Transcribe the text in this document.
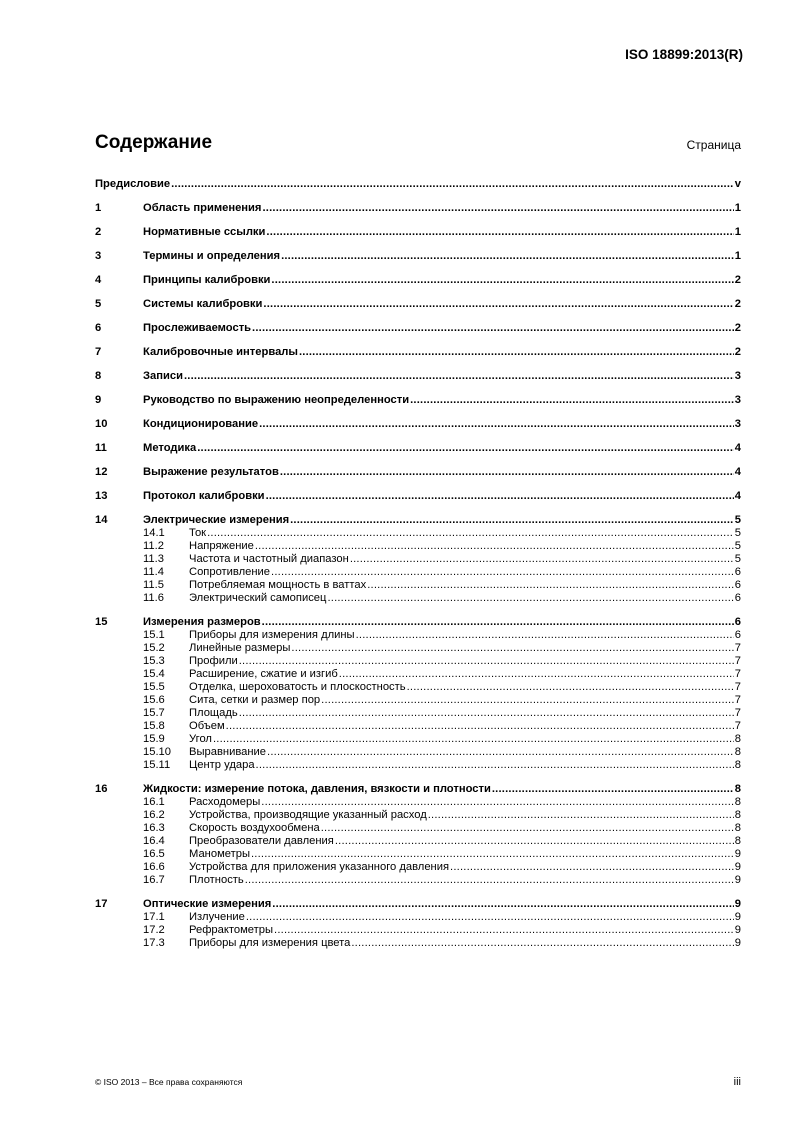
ISO 18899:2013(R)
Содержание	Страница
Предисловие .....	v
1	Область применения .....	1
2	Нормативные ссылки .....	1
3	Термины и определения .....	1
4	Принципы калибровки .....	2
5	Системы калибровки .....	2
6	Прослеживаемость .....	2
7	Калибровочные интервалы .....	2
8	Записи .....	3
9	Руководство по выражению неопределенности .....	3
10	Кондиционирование .....	3
11	Методика .....	4
12	Выражение результатов .....	4
13	Протокол калибровки .....	4
14	Электрические измерения .....	5
14.1	Ток .....	5
11.2	Напряжение .....	5
11.3	Частота и частотный диапазон .....	5
11.4	Сопротивление .....	6
11.5	Потребляемая мощность в ваттах .....	6
11.6	Электрический самописец .....	6
15	Измерения размеров .....	6
15.1	Приборы для измерения длины .....	6
15.2	Линейные размеры .....	7
15.3	Профили .....	7
15.4	Расширение, сжатие и изгиб .....	7
15.5	Отделка, шероховатость и плоскостность .....	7
15.6	Сита, сетки и размер пор .....	7
15.7	Площадь .....	7
15.8	Объем .....	7
15.9	Угол .....	8
15.10	Выравнивание .....	8
15.11	Центр удара .....	8
16	Жидкости: измерение потока, давления, вязкости и плотности .....	8
16.1	Расходомеры .....	8
16.2	Устройства, производящие указанный расход .....	8
16.3	Скорость воздухообмена .....	8
16.4	Преобразователи давления .....	8
16.5	Манометры .....	9
16.6	Устройства для приложения указанного давления .....	9
16.7	Плотность .....	9
17	Оптические измерения .....	9
17.1	Излучение .....	9
17.2	Рефрактометры .....	9
17.3	Приборы для измерения цвета .....	9
© ISO 2013 – Все права сохраняются	iii
